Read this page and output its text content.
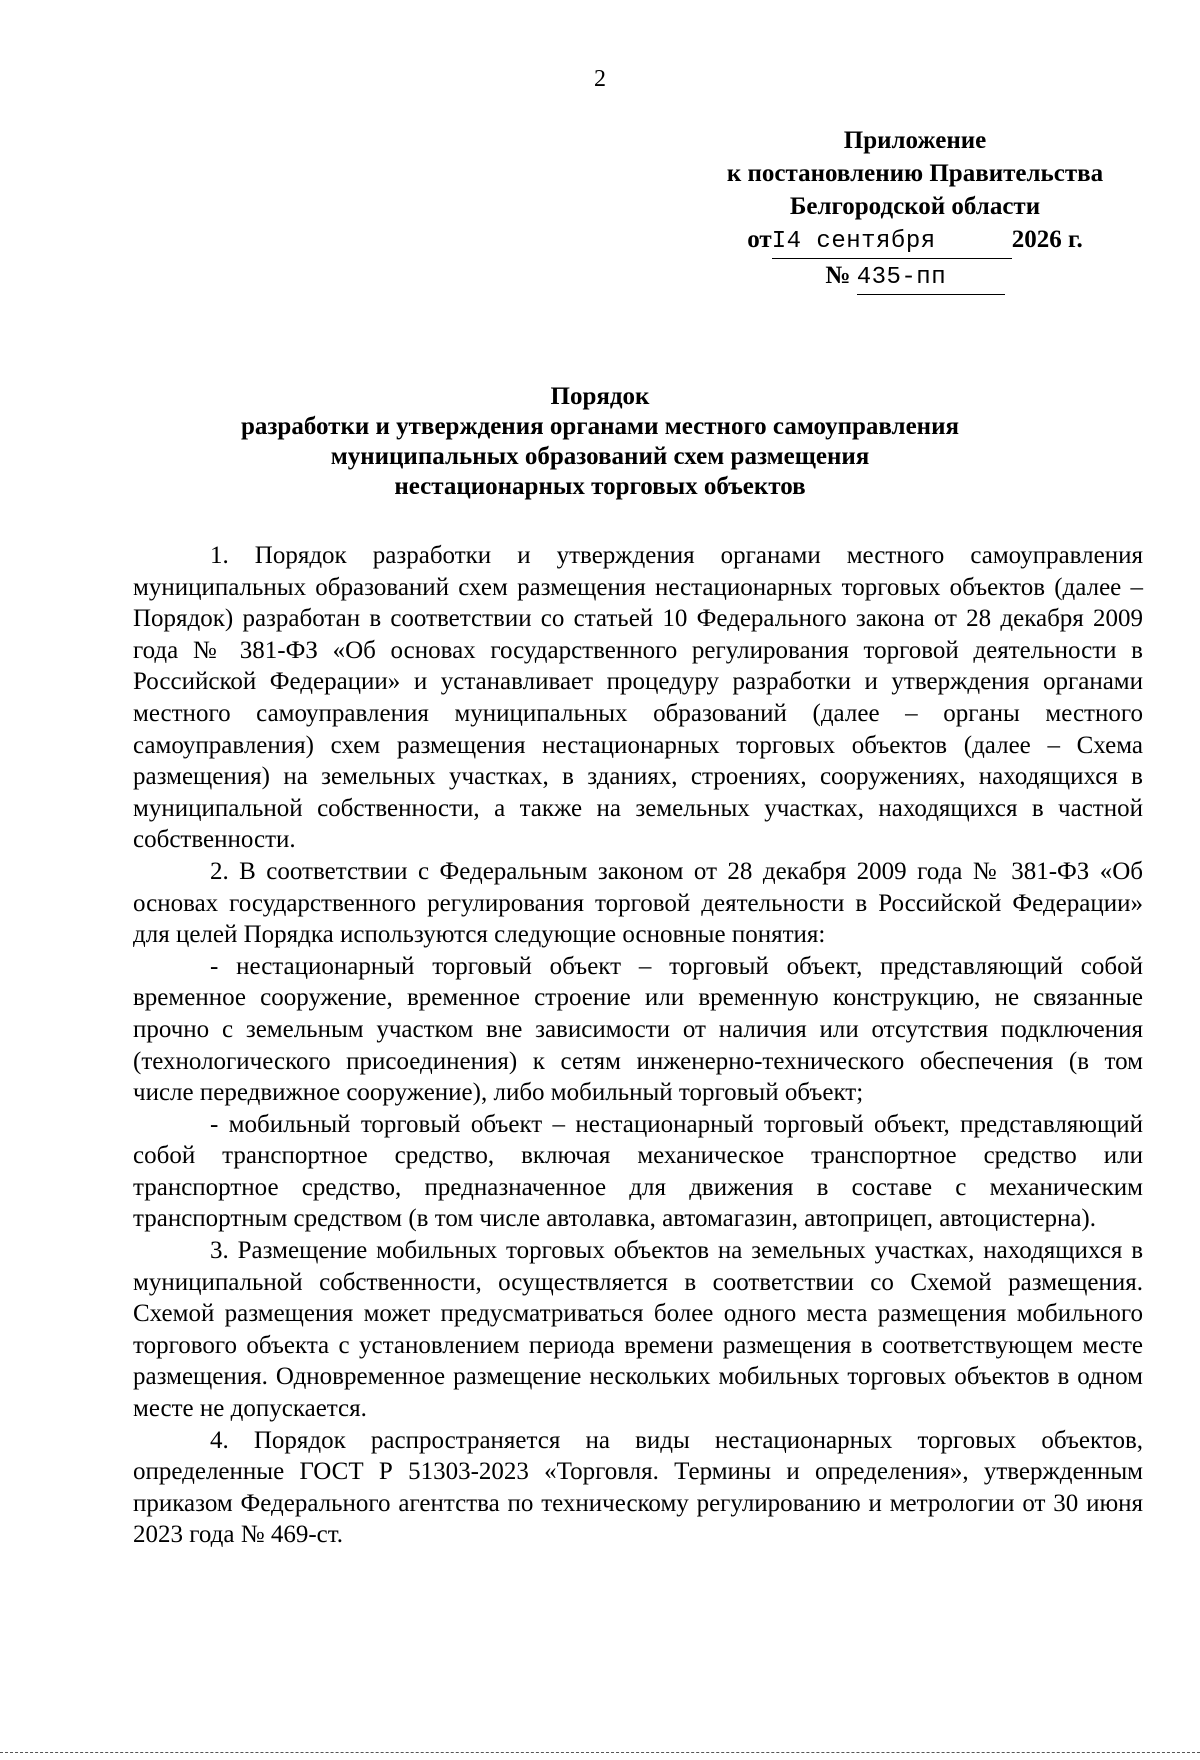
2
Приложение
к постановлению Правительства
Белгородской области
отI4 сентября	2026 г.
№ 435-пп
Порядок
разработки и утверждения органами местного самоуправления
муниципальных образований схем размещения
нестационарных торговых объектов

1. Порядок разработки и утверждения органами местного самоуправления муниципальных образований схем размещения нестационарных торговых объектов (далее – Порядок) разработан в соответствии со статьей 10 Федерального закона от 28 декабря 2009 года № 381-ФЗ «Об основах государственного регулирования торговой деятельности в Российской Федерации» и устанавливает процедуру разработки и утверждения органами местного самоуправления муниципальных образований (далее – органы местного самоуправления) схем размещения нестационарных торговых объектов (далее – Схема размещения) на земельных участках, в зданиях, строениях, сооружениях, находящихся в муниципальной собственности, а также на земельных участках, находящихся в частной собственности.

2. В соответствии с Федеральным законом от 28 декабря 2009 года № 381-ФЗ «Об основах государственного регулирования торговой деятельности в Российской Федерации» для целей Порядка используются следующие основные понятия:

- нестационарный торговый объект – торговый объект, представляющий собой временное сооружение, временное строение или временную конструкцию, не связанные прочно с земельным участком вне зависимости от наличия или отсутствия подключения (технологического присоединения) к сетям инженерно-технического обеспечения (в том числе передвижное сооружение), либо мобильный торговый объект;

- мобильный торговый объект – нестационарный торговый объект, представляющий собой транспортное средство, включая механическое транспортное средство или транспортное средство, предназначенное для движения в составе с механическим транспортным средством (в том числе автолавка, автомагазин, автоприцеп, автоцистерна).

3. Размещение мобильных торговых объектов на земельных участках, находящихся в муниципальной собственности, осуществляется в соответствии со Схемой размещения. Схемой размещения может предусматриваться более одного места размещения мобильного торгового объекта с установлением периода времени размещения в соответствующем месте размещения. Одновременное размещение нескольких мобильных торговых объектов в одном месте не допускается.

4. Порядок распространяется на виды нестационарных торговых объектов, определенные ГОСТ Р 51303-2023 «Торговля. Термины и определения», утвержденным приказом Федерального агентства по техническому регулированию и метрологии от 30 июня 2023 года № 469-ст.
